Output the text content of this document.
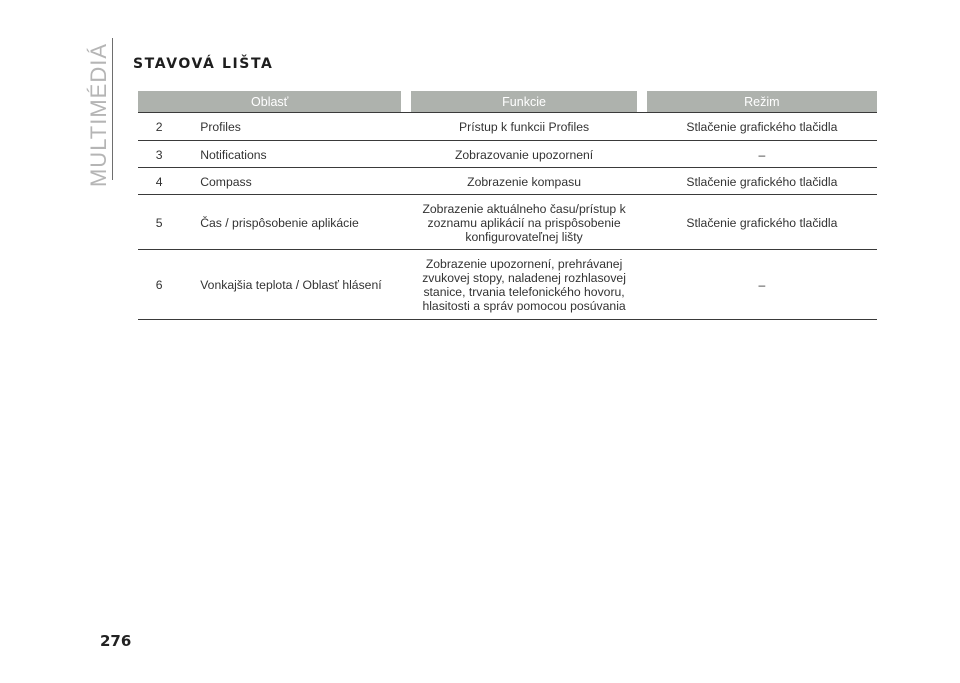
MULTIMÉDIÁ STAVOVÁ LIŠTA
Oblasť			Funkcie		Režim
2	Profiles		Prístup k funkcii Profiles		Stlačenie grafického tlačidla
3	Notifications		Zobrazovanie upozornení		–
4	Compass		Zobrazenie kompasu		Stlačenie grafického tlačidla
5	Čas / prispôsobenie aplikácie		Zobrazenie aktuálneho času/prístup k zoznamu aplikácií na prispôsobenie konfigurovateľnej lišty		Stlačenie grafického tlačidla
6	Vonkajšia teplota / Oblasť hlásení		Zobrazenie upozornení, prehrávanej zvukovej stopy, naladenej rozhlasovej stanice, trvania telefonického hovoru, hlasitosti a správ pomocou posúvania		–

276
